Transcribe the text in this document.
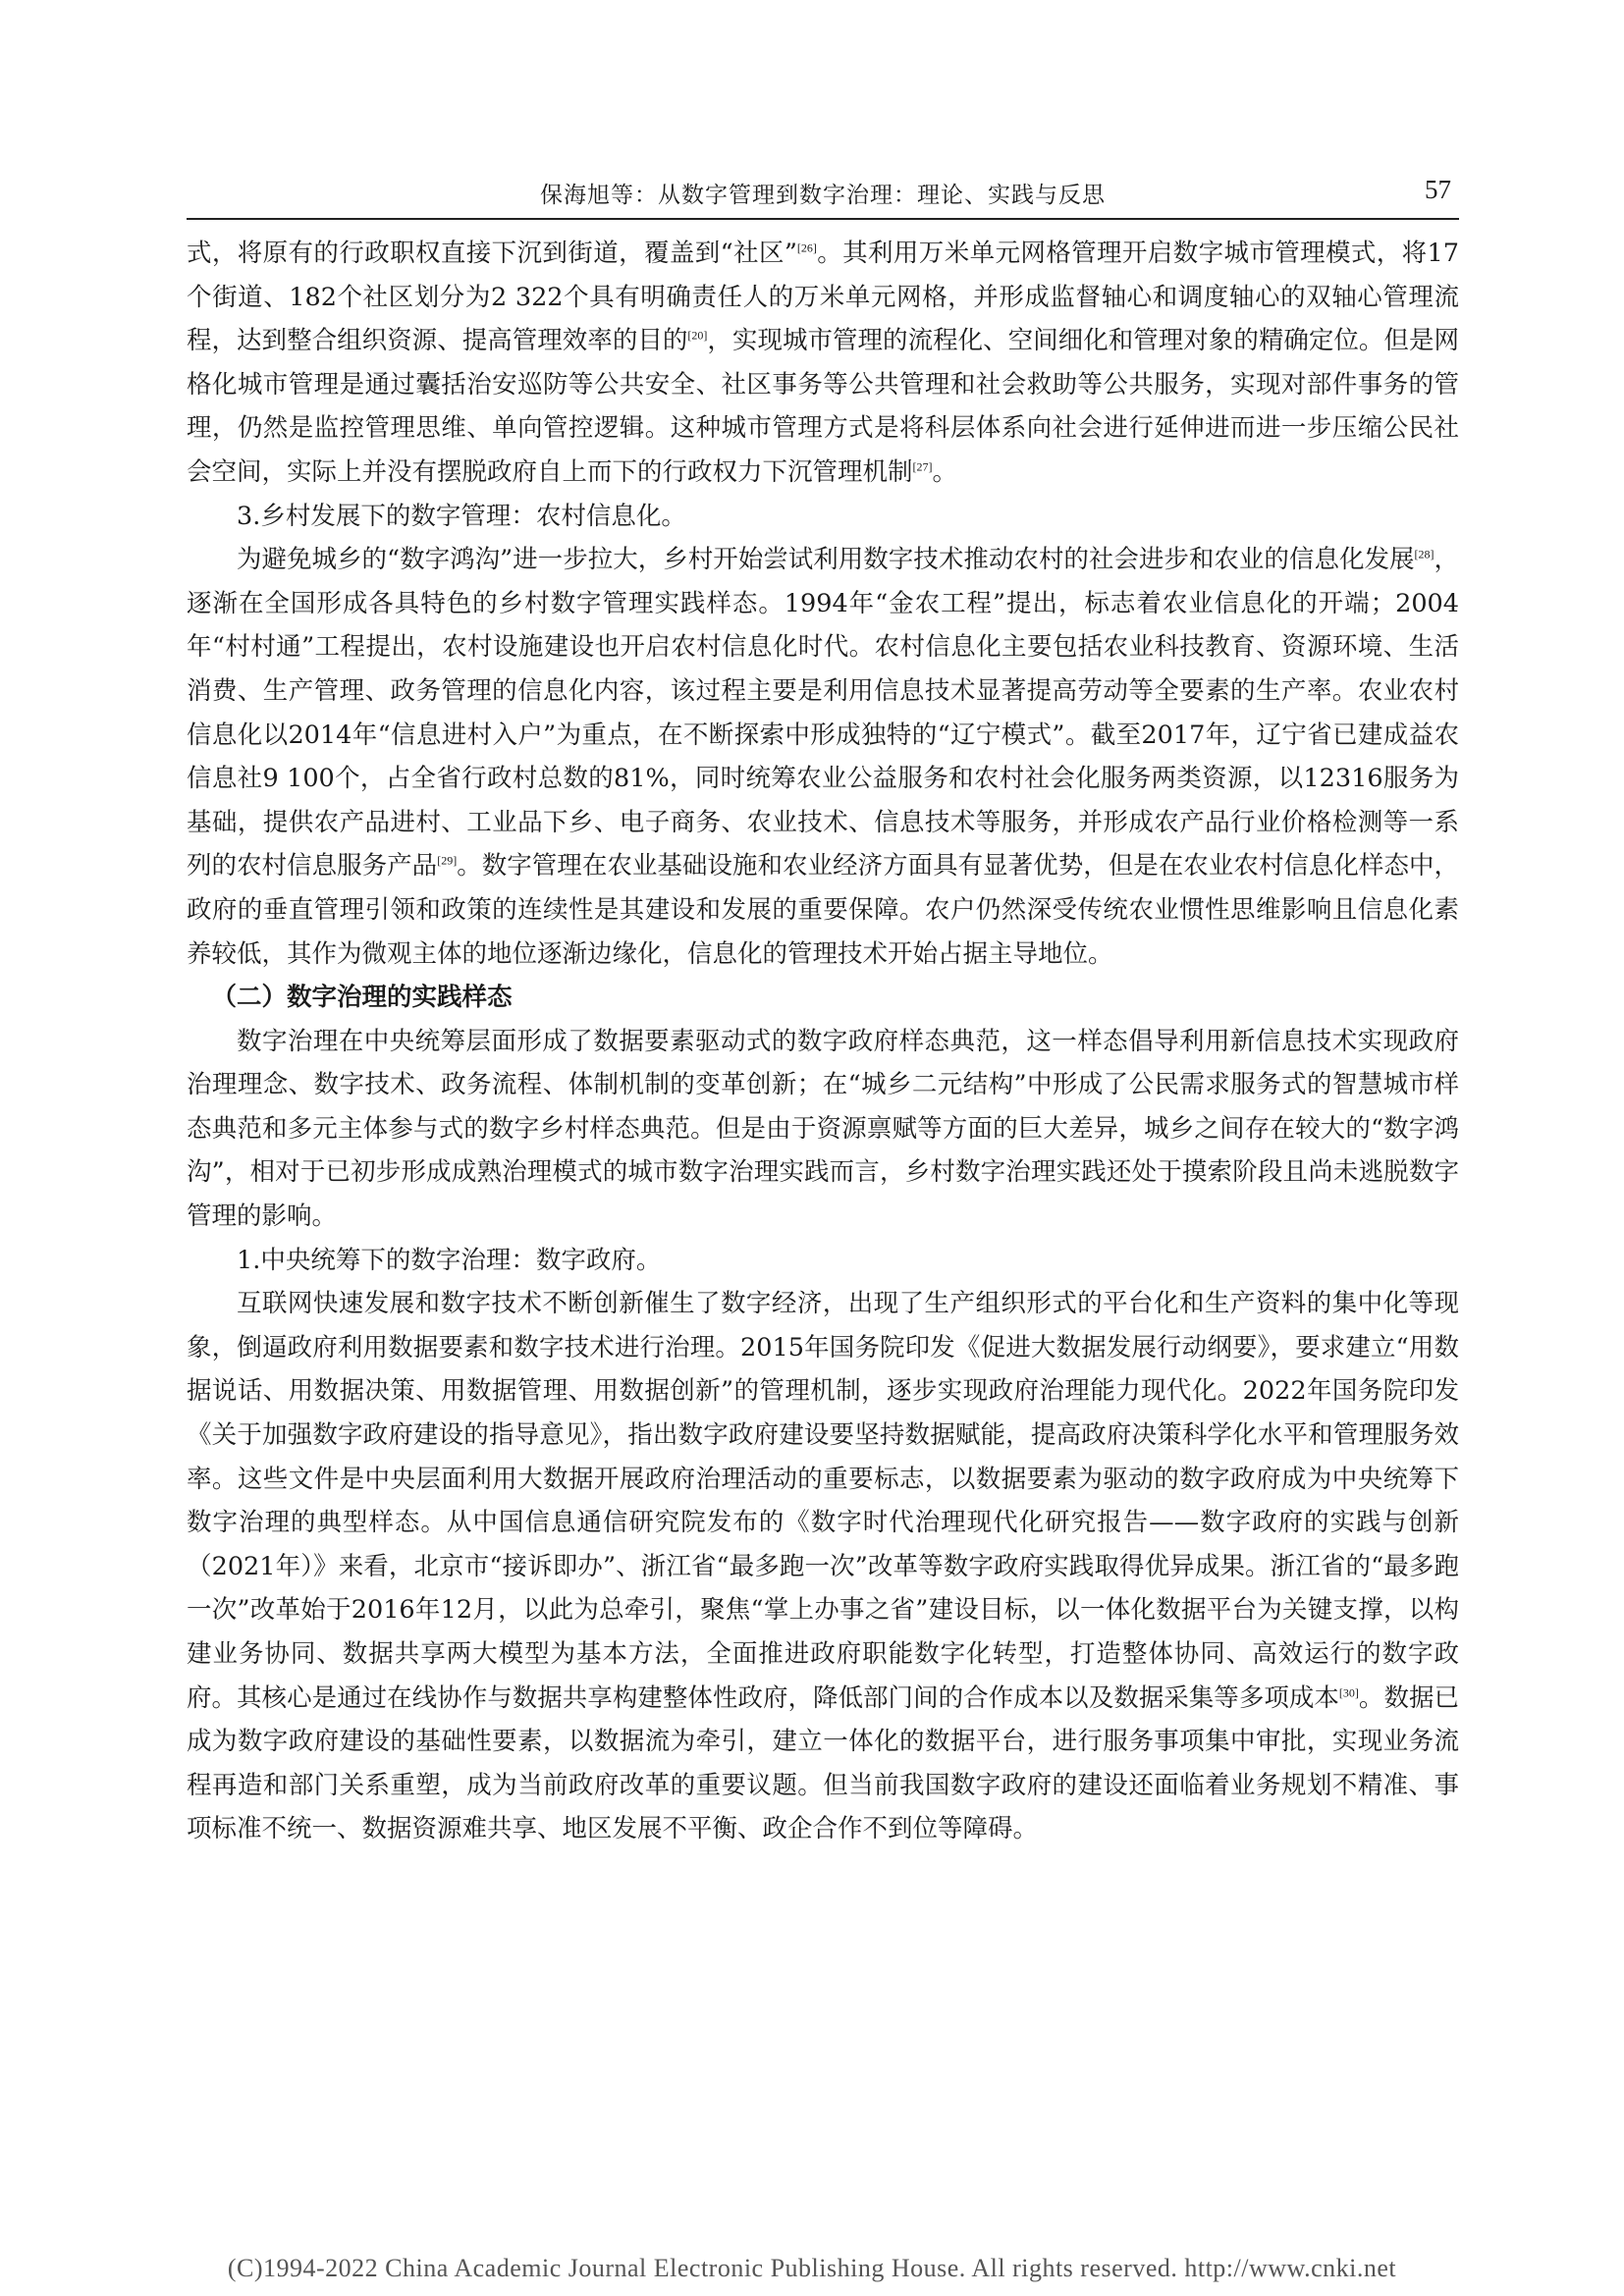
保海旭等：从数字管理到数字治理：理论、实践与反思	57

式，将原有的行政职权直接下沉到街道，覆盖到“社区”[26]。其利用万米单元网格管理开启数字城市管理模式，将17个街道、182个社区划分为2 322个具有明确责任人的万米单元网格，并形成监督轴心和调度轴心的双轴心管理流程，达到整合组织资源、提高管理效率的目的[20]，实现城市管理的流程化、空间细化和管理对象的精确定位。但是网格化城市管理是通过囊括治安巡防等公共安全、社区事务等公共管理和社会救助等公共服务，实现对部件事务的管理，仍然是监控管理思维、单向管控逻辑。这种城市管理方式是将科层体系向社会进行延伸进而进一步压缩公民社会空间，实际上并没有摆脱政府自上而下的行政权力下沉管理机制[27]。

3.乡村发展下的数字管理：农村信息化。

为避免城乡的“数字鸿沟”进一步拉大，乡村开始尝试利用数字技术推动农村的社会进步和农业的信息化发展[28]，逐渐在全国形成各具特色的乡村数字管理实践样态。1994年“金农工程”提出，标志着农业信息化的开端；2004年“村村通”工程提出，农村设施建设也开启农村信息化时代。农村信息化主要包括农业科技教育、资源环境、生活消费、生产管理、政务管理的信息化内容，该过程主要是利用信息技术显著提高劳动等全要素的生产率。农业农村信息化以2014年“信息进村入户”为重点，在不断探索中形成独特的“辽宁模式”。截至2017年，辽宁省已建成益农信息社9 100个，占全省行政村总数的81%，同时统筹农业公益服务和农村社会化服务两类资源，以12316服务为基础，提供农产品进村、工业品下乡、电子商务、农业技术、信息技术等服务，并形成农产品行业价格检测等一系列的农村信息服务产品[29]。数字管理在农业基础设施和农业经济方面具有显著优势，但是在农业农村信息化样态中，政府的垂直管理引领和政策的连续性是其建设和发展的重要保障。农户仍然深受传统农业惯性思维影响且信息化素养较低，其作为微观主体的地位逐渐边缘化，信息化的管理技术开始占据主导地位。

（二）数字治理的实践样态

数字治理在中央统筹层面形成了数据要素驱动式的数字政府样态典范，这一样态倡导利用新信息技术实现政府治理理念、数字技术、政务流程、体制机制的变革创新；在“城乡二元结构”中形成了公民需求服务式的智慧城市样态典范和多元主体参与式的数字乡村样态典范。但是由于资源禀赋等方面的巨大差异，城乡之间存在较大的“数字鸿沟”，相对于已初步形成成熟治理模式的城市数字治理实践而言，乡村数字治理实践还处于摸索阶段且尚未逃脱数字管理的影响。

1.中央统筹下的数字治理：数字政府。

互联网快速发展和数字技术不断创新催生了数字经济，出现了生产组织形式的平台化和生产资料的集中化等现象，倒逼政府利用数据要素和数字技术进行治理。2015年国务院印发《促进大数据发展行动纲要》，要求建立“用数据说话、用数据决策、用数据管理、用数据创新”的管理机制，逐步实现政府治理能力现代化。2022年国务院印发《关于加强数字政府建设的指导意见》，指出数字政府建设要坚持数据赋能，提高政府决策科学化水平和管理服务效率。这些文件是中央层面利用大数据开展政府治理活动的重要标志，以数据要素为驱动的数字政府成为中央统筹下数字治理的典型样态。从中国信息通信研究院发布的《数字时代治理现代化研究报告——数字政府的实践与创新（2021年）》来看，北京市“接诉即办”、浙江省“最多跑一次”改革等数字政府实践取得优异成果。浙江省的“最多跑一次”改革始于2016年12月，以此为总牵引，聚焦“掌上办事之省”建设目标，以一体化数据平台为关键支撑，以构建业务协同、数据共享两大模型为基本方法，全面推进政府职能数字化转型，打造整体协同、高效运行的数字政府。其核心是通过在线协作与数据共享构建整体性政府，降低部门间的合作成本以及数据采集等多项成本[30]。数据已成为数字政府建设的基础性要素，以数据流为牵引，建立一体化的数据平台，进行服务事项集中审批，实现业务流程再造和部门关系重塑，成为当前政府改革的重要议题。但当前我国数字政府的建设还面临着业务规划不精准、事项标准不统一、数据资源难共享、地区发展不平衡、政企合作不到位等障碍。

(C)1994-2022 China Academic Journal Electronic Publishing House. All rights reserved. http://www.cnki.net
